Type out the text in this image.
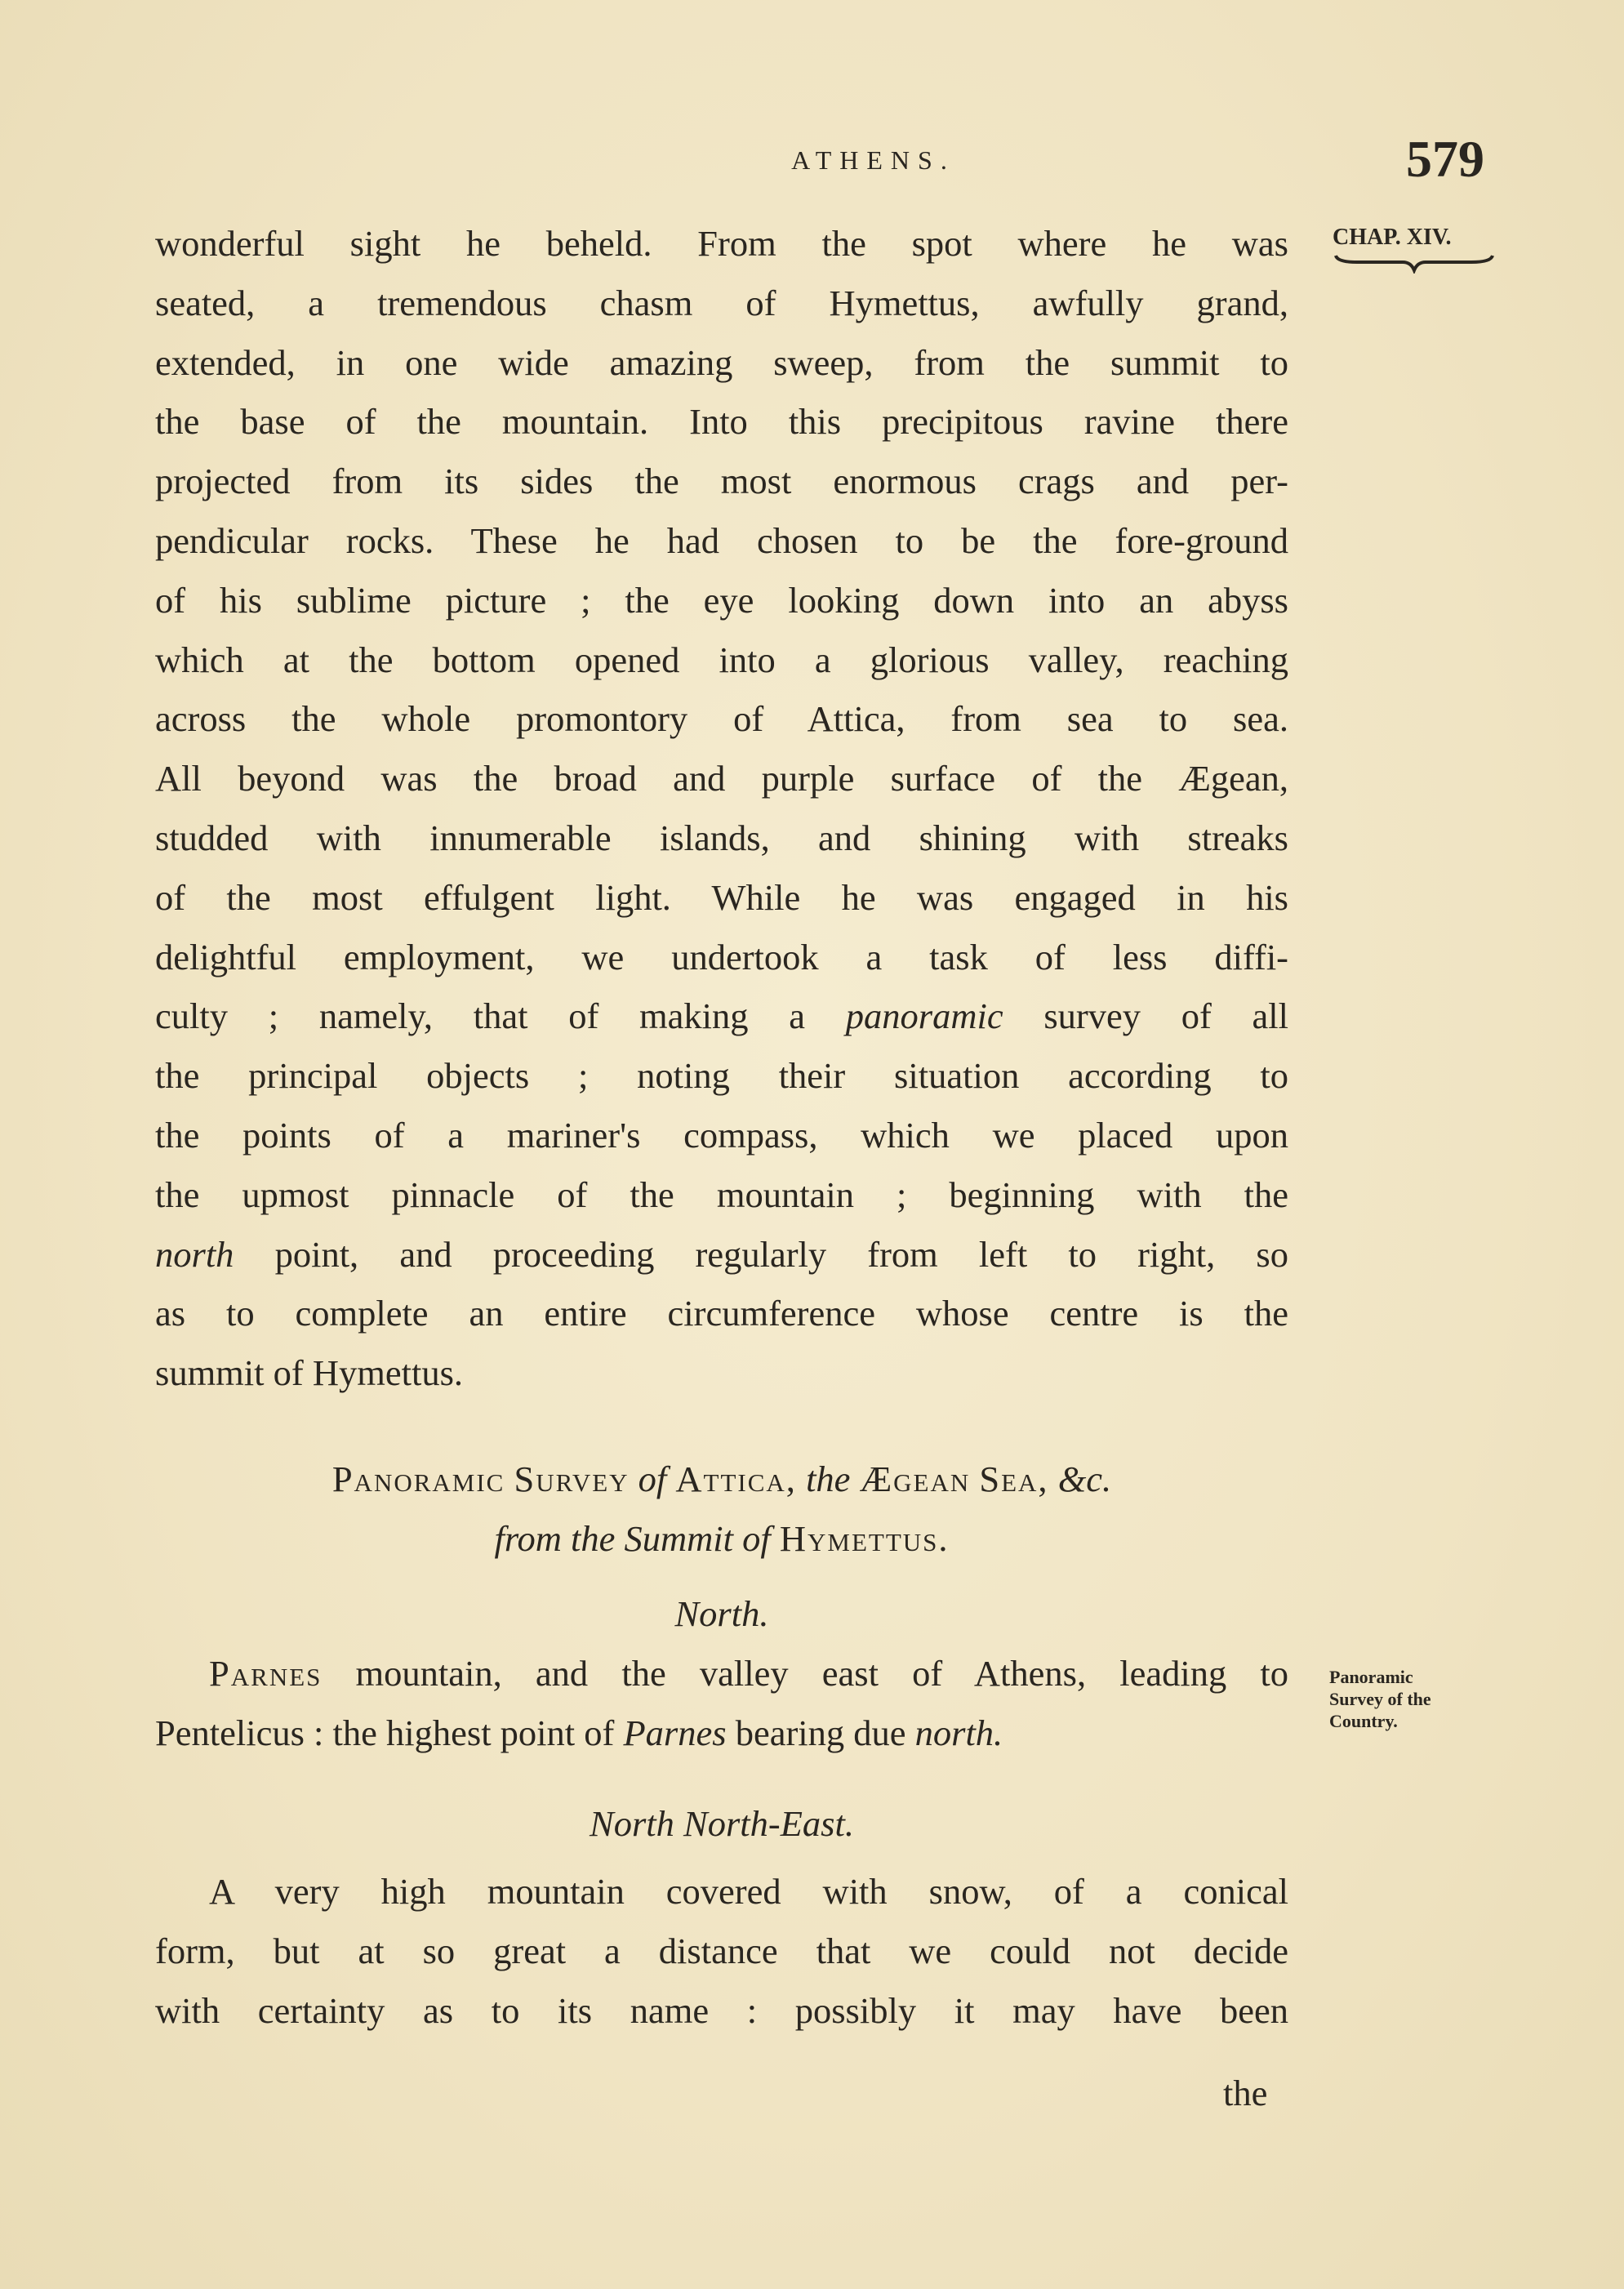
ATHENS.	579
CHAP. XIV.

wonderful sight he beheld. From the spot where he was

seated, a tremendous chasm of Hymettus, awfully grand,

extended, in one wide amazing sweep, from the summit to

the base of the mountain. Into this precipitous ravine there

projected from its sides the most enormous crags and per-

pendicular rocks. These he had chosen to be the fore-ground

of his sublime picture ; the eye looking down into an abyss

which at the bottom opened into a glorious valley, reaching

across the whole promontory of Attica, from sea to sea.

All beyond was the broad and purple surface of the Ægean,

studded with innumerable islands, and shining with streaks

of the most effulgent light. While he was engaged in his

delightful employment, we undertook a task of less diffi-

culty ; namely, that of making a panoramic survey of all

the principal objects ; noting their situation according to

the points of a mariner's compass, which we placed upon

the upmost pinnacle of the mountain ; beginning with the

north point, and proceeding regularly from left to right, so

as to complete an entire circumference whose centre is the

summit of Hymettus.

Panoramic Survey of Attica, the Ægean Sea, &c.
from the Summit of Hymettus.
North.

Parnes mountain, and the valley east of Athens, leading to

Pentelicus : the highest point of Parnes bearing due north.

Panoramic
Survey of the
Country.
North North-East.

A very high mountain covered with snow, of a conical

form, but at so great a distance that we could not decide

with certainty as to its name : possibly it may have been

the
